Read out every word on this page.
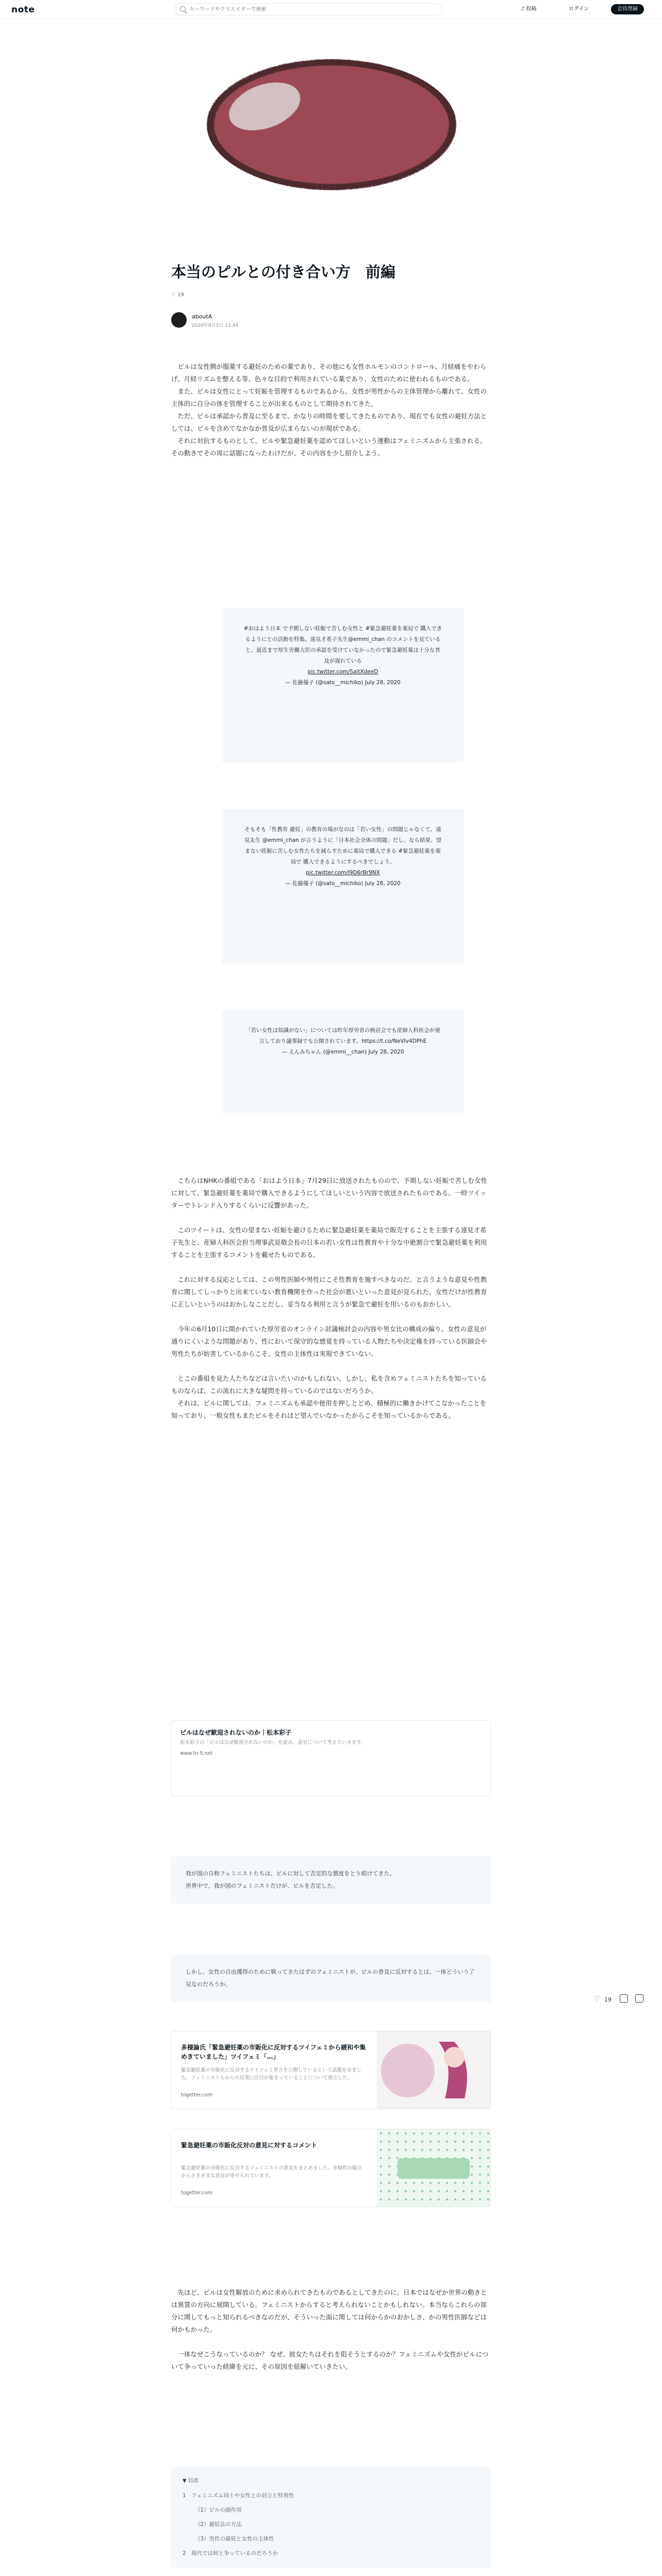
note
キーワードやクリエイターで検索	♪ 投稿	ログイン	会員登録
本当のピルとの付き合い方　前編
♡ 19
aboutA
2020年8月5日 12:44

ピルは女性側が服薬する避妊のための薬であり、その他にも女性ホルモンのコントロール、月経痛をやわらげ、月経リズムを整える等、色々な目的で利用されている薬であり、女性のために使われるものである。

また、ピルは女性にとって妊娠を管理するものであるから、女性が男性からの主体管理から離れて、女性の主体的に自分の体を管理することが出来るものとして期待されてきた。

ただ、ピルは承認から普及に至るまで、かなりの時間を要してきたものであり、現在でも女性の避妊方法としては、ピルを含めてなかなか普及が広まらないのが現状である。

それに対抗するものとして、ピルや緊急避妊薬を認めてほしいという運動はフェミニズムから主張される。その動きでその周に話題になったわけだが、その内容を少し紹介しよう。

#おはよう日本 で予期しない妊娠で苦しむ女性と #緊急避妊薬を薬局で 購入できるようにとの活動を特集。遠見才希子先生@emmi_chan のコメントを見ていると、最近まで厚生労働大臣の承認を受けていなかったので緊急避妊薬は十分な普及が遅れている
pic.twitter.com/SaitXdeeD
— 佐藤優子 (@sato__michiko) July 28, 2020
そもそも「性教育 避妊」の教育の場がなのは「若い女性」の問題じゃなくて、遠見先生 @emmi_chan が言うように「日本社会全体の問題」だし、なら結果、望まない妊娠に苦しむ女性たちを減らすために薬局で購入できる #緊急避妊薬を薬局で 購入できるようにするべきでしょう。
pic.twitter.com/l9D6rBr9NX
— 佐藤優子 (@sato__michiko) July 28, 2020
「若い女性は知識がない」については昨年厚労省の検討会でも産婦人科医会が発言しており議事録でも公開されています。https://t.co/NeVIv4DPhE
— えんみちゃん (@emmi__chan) July 28, 2020

こちらはNHKの番組である「おはよう日本」7月29日に放送されたものので、予期しない妊娠で苦しむ女性に対して、緊急避妊薬を薬局で購入できるようにしてほしいという内容で放送されたものである。一時ツイッターでトレンド入りするくらいに反響があった。

このツイートは、女性の望まない妊娠を避けるために緊急避妊薬を薬局で販売することを主張する遠見才希子先生と、産婦人科医会担当理事武見敬会長の日本の若い女性は性教育や十分な中絶割合で緊急避妊薬を利用することを主張するコメントを載せたものである。

これに対する反応としては、この男性医師や男性にこそ性教育を施すべきなのだ、と言うような意見や性教育に関してしっかりと出来ていない教育機関を作った社会が悪いといった意見が見られた。女性だけが性教育に正しいというのはおかしなことだし、妥当なる利用と言うが緊急で避妊を用いるのもおかしい。

今年の6月10日に開かれていた厚労省のオンライン討議検討会の内容や男女比の構成の偏り、女性の意見が通りにくいような問題があり、性において保守的な感覚を持っている人物たちや決定権を持っている医師会や男性たちが妨害しているからこそ、女性の主体性は実現できていない。

とこの番組を見た人たちなどは言いたいのかもしれない。しかし、私を含めフェミニストたちを知っているものならば、この流れに大きな疑問を持っているのではないだろうか。

それは、ピルに関しては、フェミニズムも承認や使用を押しとどめ、積極的に働きかけてこなかったことを知っており、一般女性もまたピルをそれほど望んでいなかったからこそを知っているからである。

ピルはなぜ歓迎されないのか｜松本彩子
松本彩子の「ピルはなぜ歓迎されないのか」を読み、意見について考えていきます。
www.tn-5.net
我が国の自称フェミニストたちは、ピルに対して否定的な態度をとり続けてきた。
世界中で、我が国のフェミニストだけが、ピルを否定した。
しかし、女性の自由獲得のために戦ってきたはずのフェミニストが、ピルの普及に反対するとは、一体どういう了見なのだろうか。
多様論氏「緊急避妊薬の市販化に反対するツイフェミから緩和や集めきていました」ツイフェミ「…」
緊急避妊薬の市販化に反対するツイフェミ発言を公開しているという話題を見ました。フェミニストらからの反発に注目が集まっていることについて発言した。
togetter.com
緊急避妊薬の市販化反対の意見に対するコメント
緊急避妊薬の市販化に反対するフェミニストの意見をまとめました。多様性の観点からさまざまな意見が寄せられています。
togetter.com

先ほど、ピルは女性解放のために求められてきたものであるとしてきたのに、日本ではなぜか世界の動きとは異質の方向に展開している。フェミニストからすると考えられないことかもしれない。本当ならこれらの部分に関してもっと知られるべきなのだが、そういった面に関しては何からかのおかしさ、かの男性医師などは何かもかった。

一体なぜこうなっているのか？ なぜ、彼女たちはそれを阻そうとするのか？フェミニズムや女性がピルについて争っていった経緯を元に、その原因を紐解いていきたい。

▼ 目次
1　フェミニズム同士や女性との対立と特異性
（1）ピルの副作用
（2）避妊法の方法
（3）男性の避妊と女性の主体性
2　現代では何と争っているのだろうか

♡ 19
